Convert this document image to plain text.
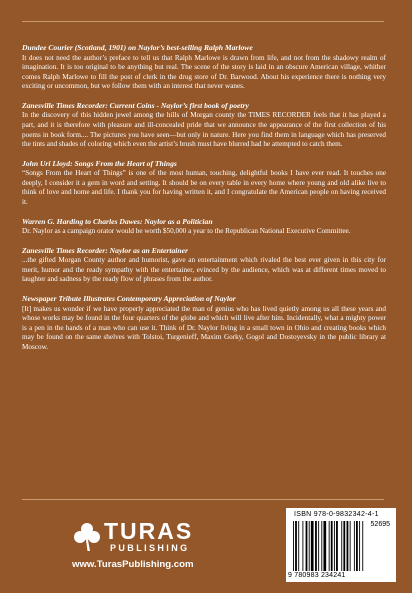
Dundee Courier (Scotland, 1901) on Naylor’s best-selling Ralph Marlowe

It does not need the author’s preface to tell us that Ralph Marlowe is drawn from life, and not from the shadowy realm of imagination. It is too original to be anything but real. The scene of the story is laid in an obscure American village, whither comes Ralph Marlowe to fill the post of clerk in the drug store of Dr. Barwood. About his experience there is nothing very exciting or uncommon, but we follow them with an interest that never wanes.

Zanesville Times Recorder: Current Coins - Naylor’s first book of poetry

In the discovery of this hidden jewel among the hills of Morgan county the TIMES RECORDER feels that it has played a part, and it is therefore with pleasure and ill-concealed pride that we announce the appearance of the first collection of his poems in book form.... The pictures you have seen—but only in nature. Here you find them in language which has preserved the tints and shades of coloring which even the artist’s brush must have blurred had he attempted to catch them.

John Uri Lloyd: Songs From the Heart of Things

“Songs From the Heart of Things” is one of the most human, touching, delightful books I have ever read. It touches one deeply, I consider it a gem in word and setting. It should be on every table in every home where young and old alike live to think of love and home and life. I thank you for having written it, and I congratulate the American people on having received it.

Warren G. Harding to Charles Dawes: Naylor as a Politician

Dr. Naylor as a campaign orator would be worth $50,000 a year to the Republican National Executive Committee.

Zanesville Times Recorder: Naylor as an Entertainer

...the gifted Morgan County author and humorist, gave an entertainment which rivaled the best ever given in this city for merit, humor and the ready sympathy with the entertainer, evinced by the audience, which was at different times moved to laughter and sadness by the ready flow of phrases from the author.

Newspaper Tribute Illustrates Contemporary Appreciation of Naylor

[It] makes us wonder if we have properly appreciated the man of genius who has lived quietly among us all these years and whose works may be found in the four quarters of the globe and which will live after him. Incidentally, what a mighty power is a pen in the hands of a man who can use it. Think of Dr. Naylor living in a small town in Ohio and creating books which may be found on the same shelves with Tolstoi, Turgenieff, Maxim Gorky, Gogol and Dostoyevsky in the public library at Moscow.

TURAS
PUBLISHING
www.TurasPublishing.com
ISBN 978-0-9832342-4-1
52695
9 780983 234241
